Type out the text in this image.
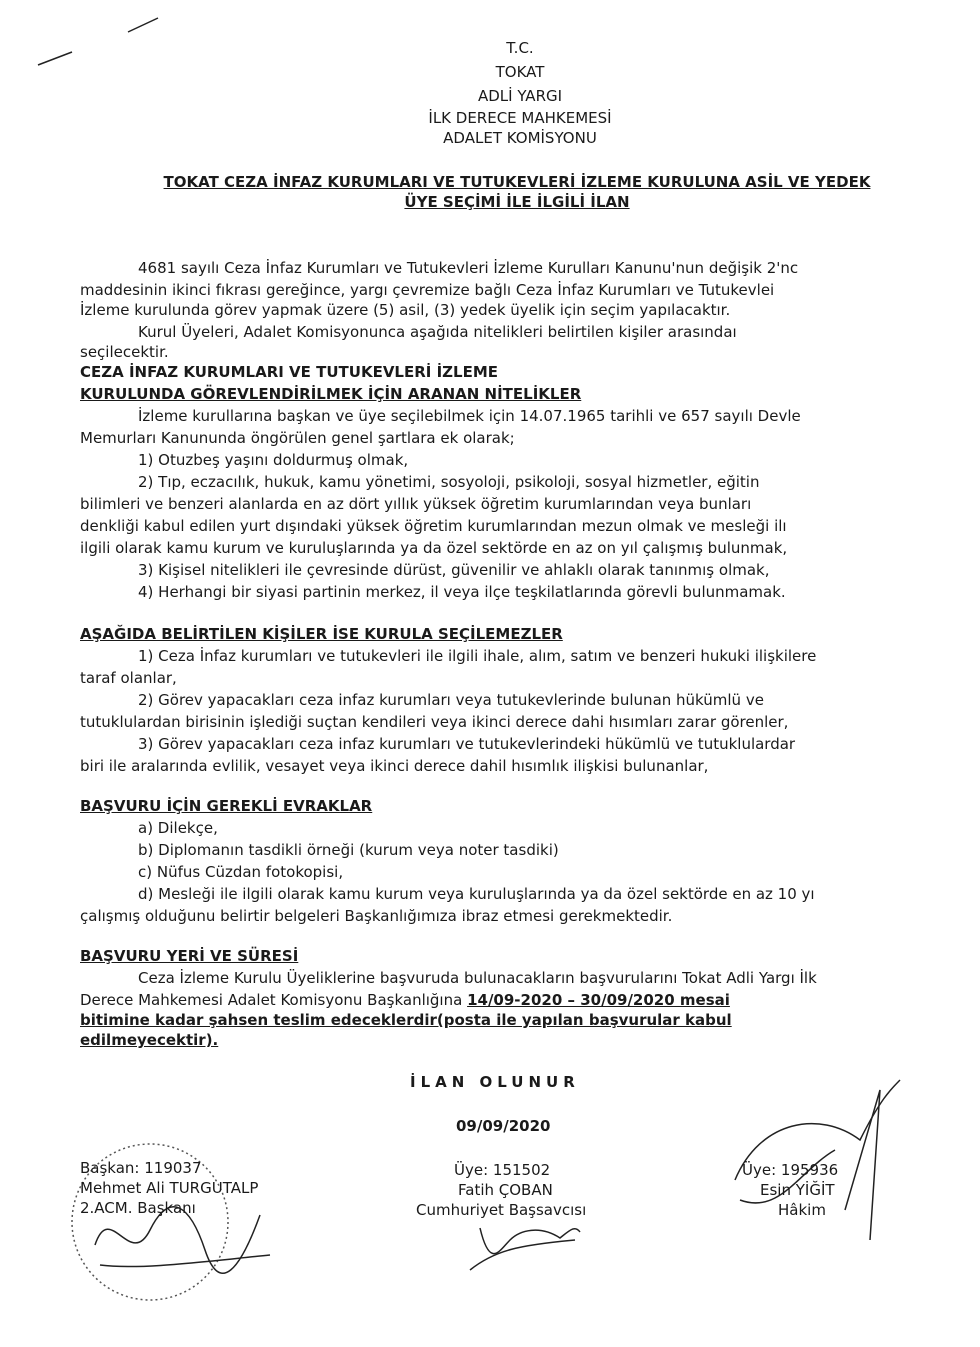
T.C.
TOKAT
ADLİ YARGI
İLK DERECE MAHKEMESİ
ADALET KOMİSYONU
TOKAT CEZA İNFAZ KURUMLARI VE TUTUKEVLERİ İZLEME KURULUNA ASİL VE YEDEK
ÜYE SEÇİMİ İLE İLGİLİ İLAN
4681 sayılı Ceza İnfaz Kurumları ve Tutukevleri İzleme Kurulları Kanunu'nun değişik 2'nc
maddesinin ikinci fıkrası gereğince, yargı çevremize bağlı Ceza İnfaz Kurumları ve Tutukevlei
İzleme kurulunda görev yapmak üzere (5) asil, (3) yedek üyelik için seçim yapılacaktır.
Kurul Üyeleri, Adalet Komisyonunca aşağıda nitelikleri belirtilen kişiler arasındaı
seçilecektir.
CEZA İNFAZ KURUMLARI VE TUTUKEVLERİ İZLEME
KURULUNDA GÖREVLENDİRİLMEK İÇİN ARANAN NİTELİKLER
İzleme kurullarına başkan ve üye seçilebilmek için 14.07.1965 tarihli ve 657 sayılı Devle
Memurları Kanununda öngörülen genel şartlara ek olarak;
1) Otuzbeş yaşını doldurmuş olmak,
2) Tıp, eczacılık, hukuk, kamu yönetimi, sosyoloji, psikoloji, sosyal hizmetler, eğitin
bilimleri ve benzeri alanlarda en az dört yıllık yüksek öğretim kurumlarından veya bunları
denkliği kabul edilen yurt dışındaki yüksek öğretim kurumlarından mezun olmak ve mesleği ilı
ilgili olarak kamu kurum ve kuruluşlarında ya da özel sektörde en az on yıl çalışmış bulunmak,
3) Kişisel nitelikleri ile çevresinde dürüst, güvenilir ve ahlaklı olarak tanınmış olmak,
4) Herhangi bir siyasi partinin merkez, il veya ilçe teşkilatlarında görevli bulunmamak.
AŞAĞIDA BELİRTİLEN KİŞİLER İSE KURULA SEÇİLEMEZLER
1) Ceza İnfaz kurumları ve tutukevleri ile ilgili ihale, alım, satım ve benzeri hukuki ilişkilere
taraf olanlar,
2) Görev yapacakları ceza infaz kurumları veya tutukevlerinde bulunan hükümlü ve
tutuklulardan birisinin işlediği suçtan kendileri veya ikinci derece dahi hısımları zarar görenler,
3) Görev yapacakları ceza infaz kurumları ve tutukevlerindeki hükümlü ve tutuklulardar
biri ile aralarında evlilik, vesayet veya ikinci derece dahil hısımlık ilişkisi bulunanlar,
BAŞVURU İÇİN GEREKLİ EVRAKLAR
a) Dilekçe,
b) Diplomanın tasdikli örneği (kurum veya noter tasdiki)
c) Nüfus Cüzdan fotokopisi,
d) Mesleği ile ilgili olarak kamu kurum veya kuruluşlarında ya da özel sektörde en az 10 yı
çalışmış olduğunu belirtir belgeleri Başkanlığımıza ibraz etmesi gerekmektedir.
BAŞVURU YERİ VE SÜRESİ
Ceza İzleme Kurulu Üyeliklerine başvuruda bulunacakların başvurularını Tokat Adli Yargı İlk
Derece Mahkemesi Adalet Komisyonu Başkanlığına 14/09-2020 – 30/09/2020 mesai
bitimine kadar şahsen teslim edeceklerdir(posta ile yapılan başvurular kabul
edilmeyecektir).
İLAN OLUNUR
09/09/2020
Başkan: 119037
Mehmet Ali TURGUTALP
2.ACM. Başkanı
Üye: 151502
Fatih ÇOBAN
Cumhuriyet Başsavcısı
Üye: 195936
Esin YİĞİT
Hâkim
